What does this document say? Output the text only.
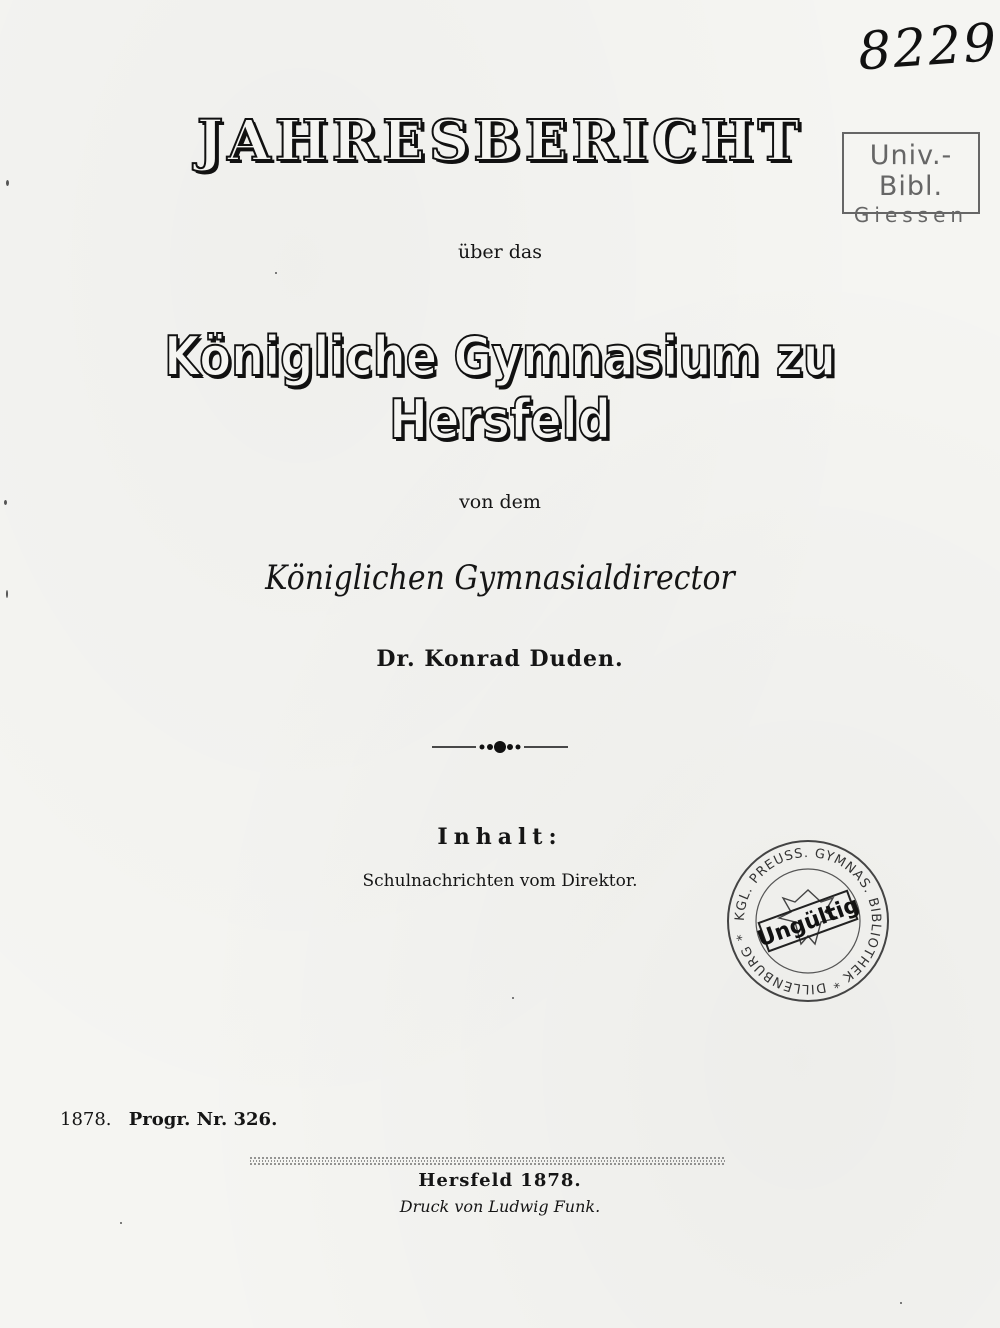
8229
Univ.-Bibl.
Giessen
JAHRESBERICHT
über das
Königliche Gymnasium zu Hersfeld
von dem
Königlichen Gymnasialdirector
Dr. Konrad Duden.
Inhalt:
Schulnachrichten vom Direktor.
KGL. PREUSS. GYMNAS. BIBLIOTHEK * DILLENBURG * Ungültig
1878. Progr. Nr. 326.
Hersfeld 1878.
Druck von Ludwig Funk.
